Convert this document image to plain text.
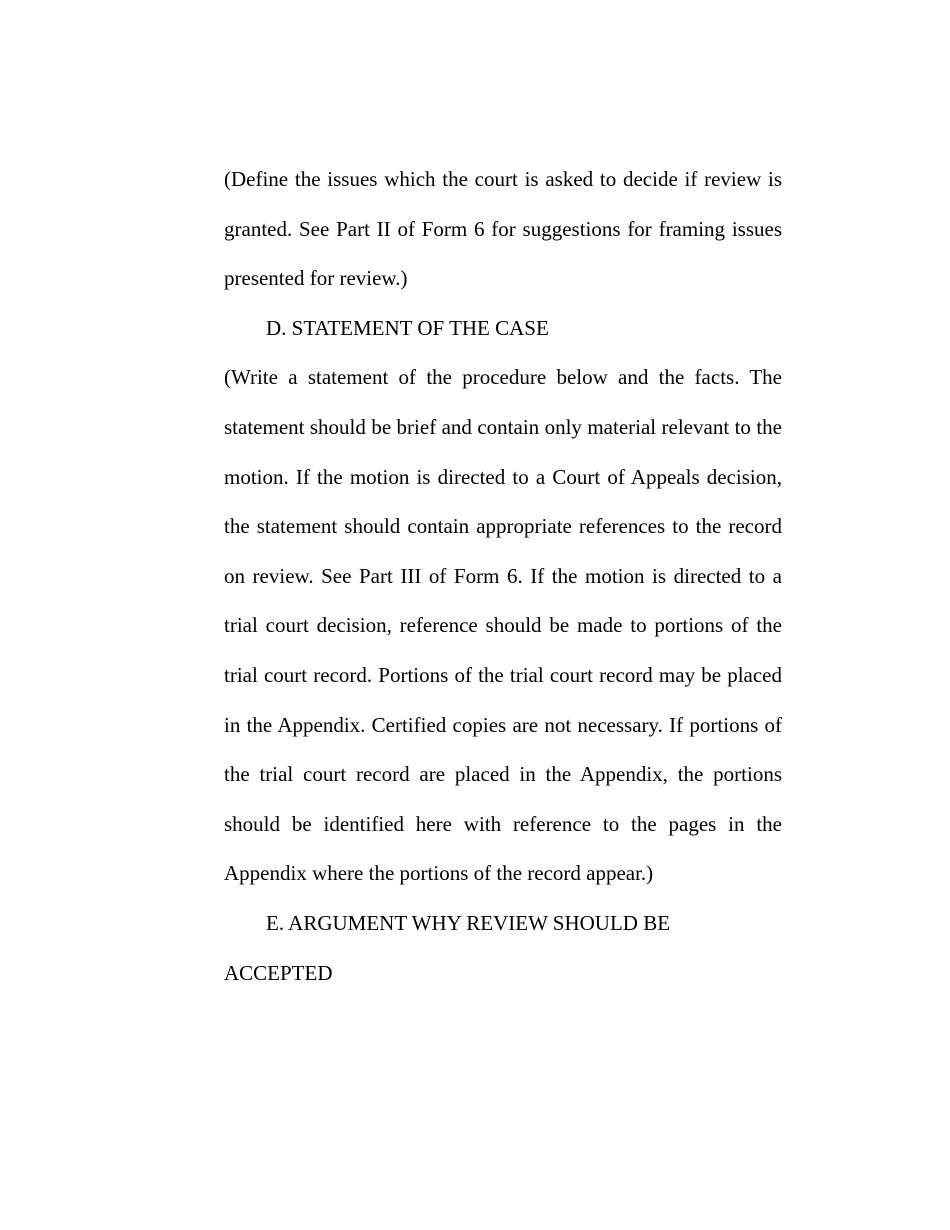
(Define the issues which the court is asked to decide if review is granted. See Part II of Form 6 for suggestions for framing issues presented for review.)

D. STATEMENT OF THE CASE

(Write a statement of the procedure below and the facts. The statement should be brief and contain only material relevant to the motion. If the motion is directed to a Court of Appeals decision, the statement should contain appropriate references to the record on review. See Part III of Form 6. If the motion is directed to a trial court decision, reference should be made to portions of the trial court record. Portions of the trial court record may be placed in the Appendix. Certified copies are not necessary. If portions of the trial court record are placed in the Appendix, the portions should be identified here with reference to the pages in the Appendix where the portions of the record appear.)

E. ARGUMENT WHY REVIEW SHOULD BE
ACCEPTED
